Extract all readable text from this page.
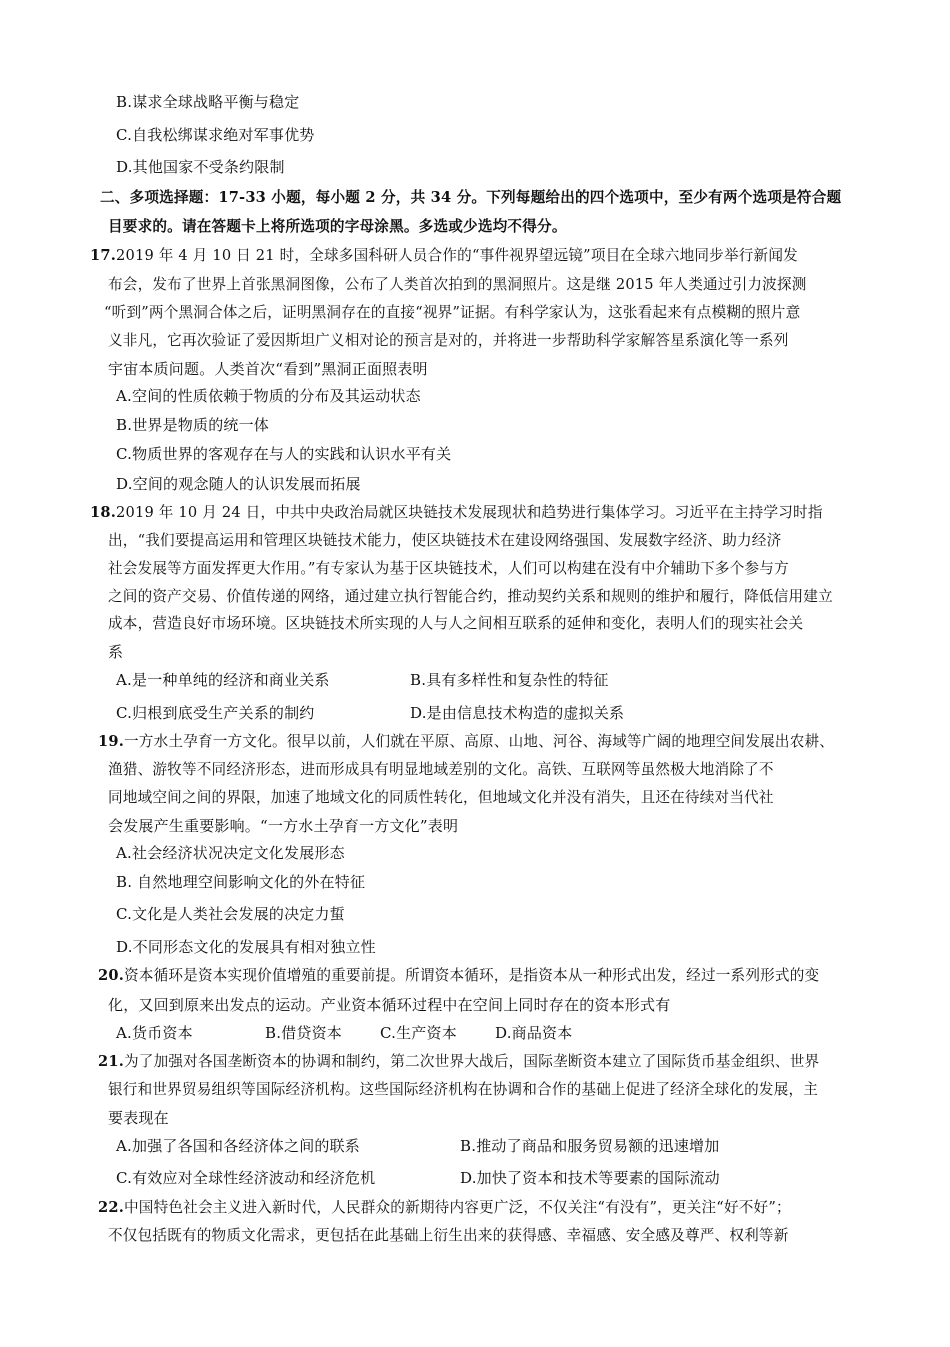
B.谋求全球战略平衡与稳定
C.自我松绑谋求绝对军事优势
D.其他国家不受条约限制
二、多项选择题：17-33 小题，每小题 2 分，共 34 分。下列每题给出的四个选项中，至少有两个选项是符合题
目要求的。请在答题卡上将所选项的字母涂黑。多选或少选均不得分。
17.2019 年 4 月 10 日 21 时，全球多国科研人员合作的“事件视界望远镜”项目在全球六地同步举行新闻发
布会，发布了世界上首张黑洞图像，公布了人类首次拍到的黑洞照片。这是继 2015 年人类通过引力波探测
“听到”两个黑洞合体之后，证明黑洞存在的直接“视界”证据。有科学家认为，这张看起来有点模糊的照片意
义非凡，它再次验证了爱因斯坦广义相对论的预言是对的，并将进一步帮助科学家解答星系演化等一系列
宇宙本质问题。人类首次“看到”黑洞正面照表明
A.空间的性质依赖于物质的分布及其运动状态
B.世界是物质的统一体
C.物质世界的客观存在与人的实践和认识水平有关
D.空间的观念随人的认识发展而拓展
18.2019 年 10 月 24 日，中共中央政治局就区块链技术发展现状和趋势进行集体学习。习近平在主持学习时指
出，“我们要提高运用和管理区块链技术能力，使区块链技术在建设网络强国、发展数字经济、助力经济
社会发展等方面发挥更大作用。”有专家认为基于区块链技术，人们可以构建在没有中介辅助下多个参与方
之间的资产交易、价值传递的网络，通过建立执行智能合约，推动契约关系和规则的维护和履行，降低信用建立
成本，营造良好市场环境。区块链技术所实现的人与人之间相互联系的延伸和变化，表明人们的现实社会关
系
A.是一种单纯的经济和商业关系	B.具有多样性和复杂性的特征
C.归根到底受生产关系的制约	D.是由信息技术构造的虚拟关系
19.一方水土孕育一方文化。很早以前，人们就在平原、高原、山地、河谷、海域等广阔的地理空间发展出农耕、
渔猎、游牧等不同经济形态，进而形成具有明显地域差别的文化。高铁、互联网等虽然极大地消除了不
同地域空间之间的界限，加速了地域文化的同质性转化，但地域文化并没有消失，且还在待续对当代社
会发展产生重要影响。“一方水土孕育一方文化”表明
A.社会经济状况决定文化发展形态
B. 自然地理空间影响文化的外在特征
C.文化是人类社会发展的决定力蜇
D.不同形态文化的发展具有相对独立性
20.资本循环是资本实现价值增殖的重要前提。所谓资本循环，是指资本从一种形式出发，经过一系列形式的变
化，又回到原来出发点的运动。产业资本循环过程中在空间上同时存在的资本形式有
A.货币资本	B.借贷资本	C.生产资本	D.商品资本
21.为了加强对各国垄断资本的协调和制约，第二次世界大战后，国际垄断资本建立了国际货币基金组织、世界
银行和世界贸易组织等国际经济机构。这些国际经济机构在协调和合作的基础上促进了经济全球化的发展，主
要表现在
A.加强了各国和各经济体之间的联系	B.推动了商品和服务贸易额的迅速增加
C.有效应对全球性经济波动和经济危机	D.加快了资本和技术等要素的国际流动
22.中国特色社会主义进入新时代，人民群众的新期待内容更广泛，不仅关注“有没有”，更关注“好不好”；
不仅包括既有的物质文化需求，更包括在此基础上衍生出来的获得感、幸福感、安全感及尊严、权利等新
